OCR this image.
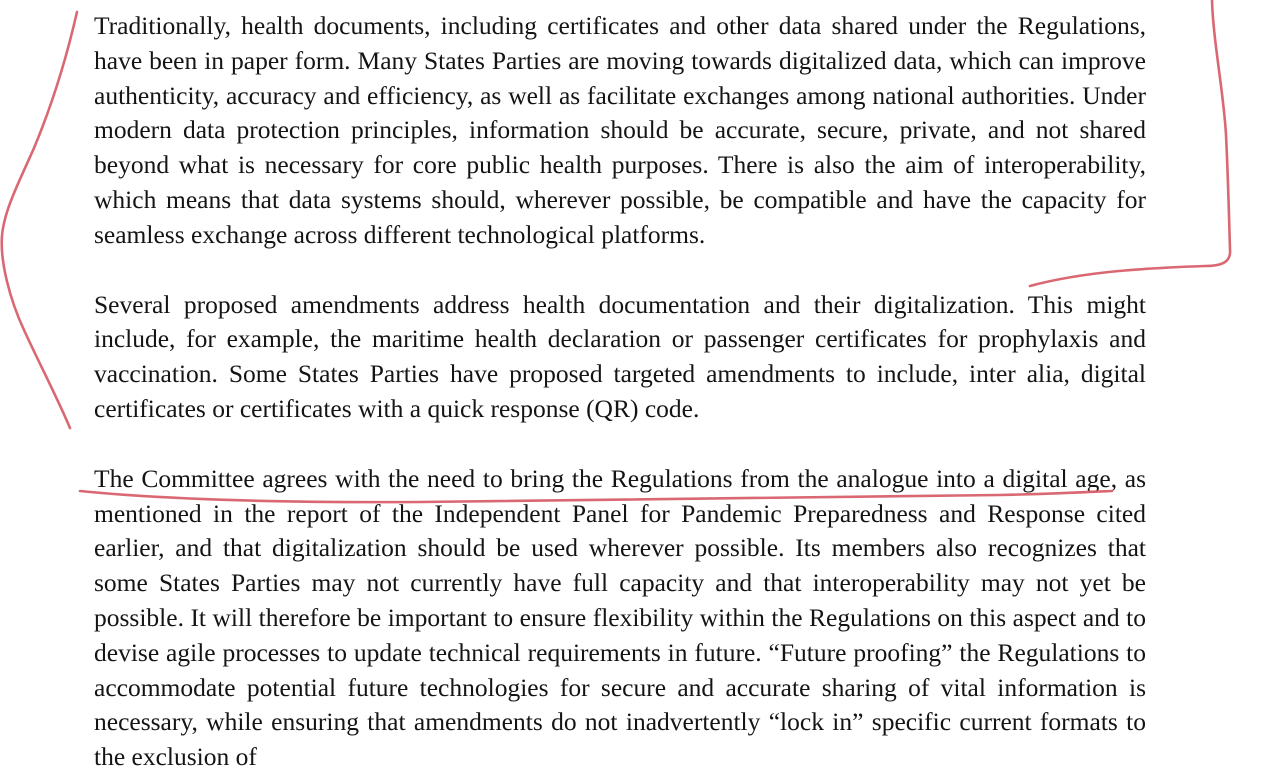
Traditionally, health documents, including certificates and other data shared under the Regulations, have been in paper form. Many States Parties are moving towards digitalized data, which can improve authenticity, accuracy and efficiency, as well as facilitate exchanges among national authorities. Under modern data protection principles, information should be accurate, secure, private, and not shared beyond what is necessary for core public health purposes. There is also the aim of interoperability, which means that data systems should, wherever possible, be compatible and have the capacity for seamless exchange across different technological platforms.

Several proposed amendments address health documentation and their digitalization. This might include, for example, the maritime health declaration or passenger certificates for prophylaxis and vaccination. Some States Parties have proposed targeted amendments to include, inter alia, digital certificates or certificates with a quick response (QR) code.

The Committee agrees with the need to bring the Regulations from the analogue into a digital age, as mentioned in the report of the Independent Panel for Pandemic Preparedness and Response cited earlier, and that digitalization should be used wherever possible. Its members also recognizes that some States Parties may not currently have full capacity and that interoperability may not yet be possible. It will therefore be important to ensure flexibility within the Regulations on this aspect and to devise agile processes to update technical requirements in future. “Future proofing” the Regulations to accommodate potential future technologies for secure and accurate sharing of vital information is necessary, while ensuring that amendments do not inadvertently “lock in” specific current formats to the exclusion of
